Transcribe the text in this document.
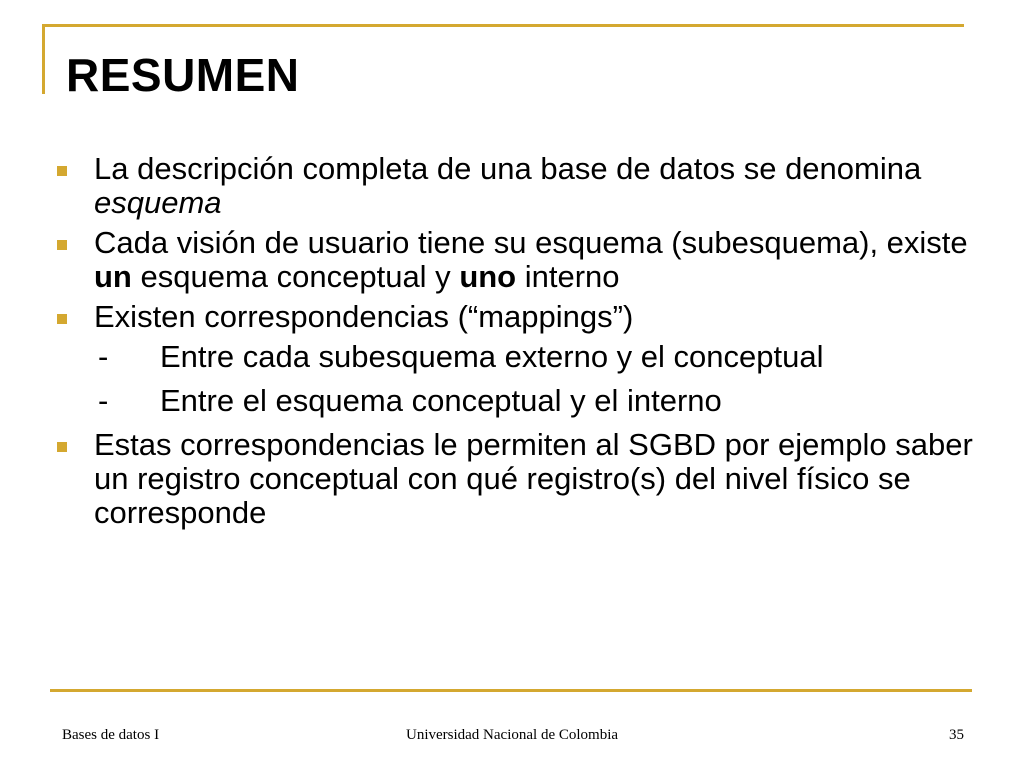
RESUMEN
La descripción completa de una base de datos se denomina esquema
Cada visión de usuario tiene su esquema (subesquema), existe un esquema conceptual y uno interno
Existen correspondencias (“mappings”)
- Entre cada subesquema externo y el conceptual
- Entre el esquema conceptual y el interno
Estas correspondencias le permiten al SGBD por ejemplo saber un registro conceptual con qué registro(s) del nivel físico se corresponde
Bases de datos I	Universidad Nacional de Colombia	35
